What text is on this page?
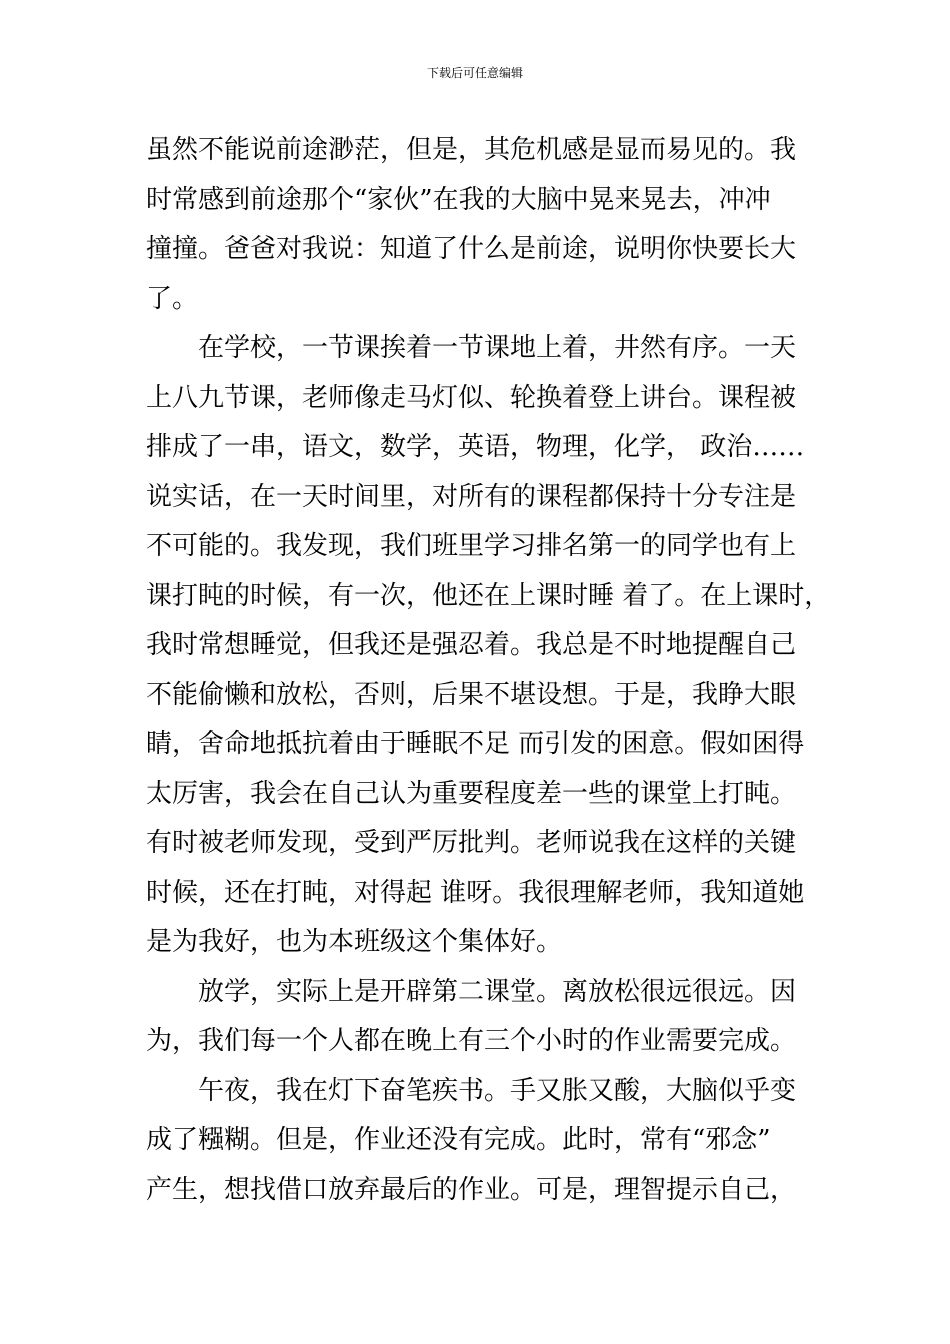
下载后可任意编辑
虽然不能说前途渺茫，但是，其危机感是显而易见的。我
时常感到前途那个“家伙”在我的大脑中晃来晃去，冲冲
撞撞。爸爸对我说：知道了什么是前途，说明你快要长大
了。
在学校，一节课挨着一节课地上着，井然有序。一天
上八九节课，老师像走马灯似、轮换着登上讲台。课程被
排成了一串，语文，数学，英语，物理，化学， 政治……
说实话，在一天时间里，对所有的课程都保持十分专注是
不可能的。我发现，我们班里学习排名第一的同学也有上
课打盹的时候，有一次，他还在上课时睡 着了。在上课时，
我时常想睡觉，但我还是强忍着。我总是不时地提醒自己
不能偷懒和放松，否则，后果不堪设想。于是，我睁大眼
睛，舍命地抵抗着由于睡眠不足 而引发的困意。假如困得
太厉害，我会在自己认为重要程度差一些的课堂上打盹。
有时被老师发现，受到严厉批判。老师说我在这样的关键
时候，还在打盹，对得起 谁呀。我很理解老师，我知道她
是为我好，也为本班级这个集体好。
放学，实际上是开辟第二课堂。离放松很远很远。因
为，我们每一个人都在晚上有三个小时的作业需要完成。
午夜，我在灯下奋笔疾书。手又胀又酸，大脑似乎变
成了糨糊。但是，作业还没有完成。此时，常有“邪念”
产生，想找借口放弃最后的作业。可是，理智提示自己，
